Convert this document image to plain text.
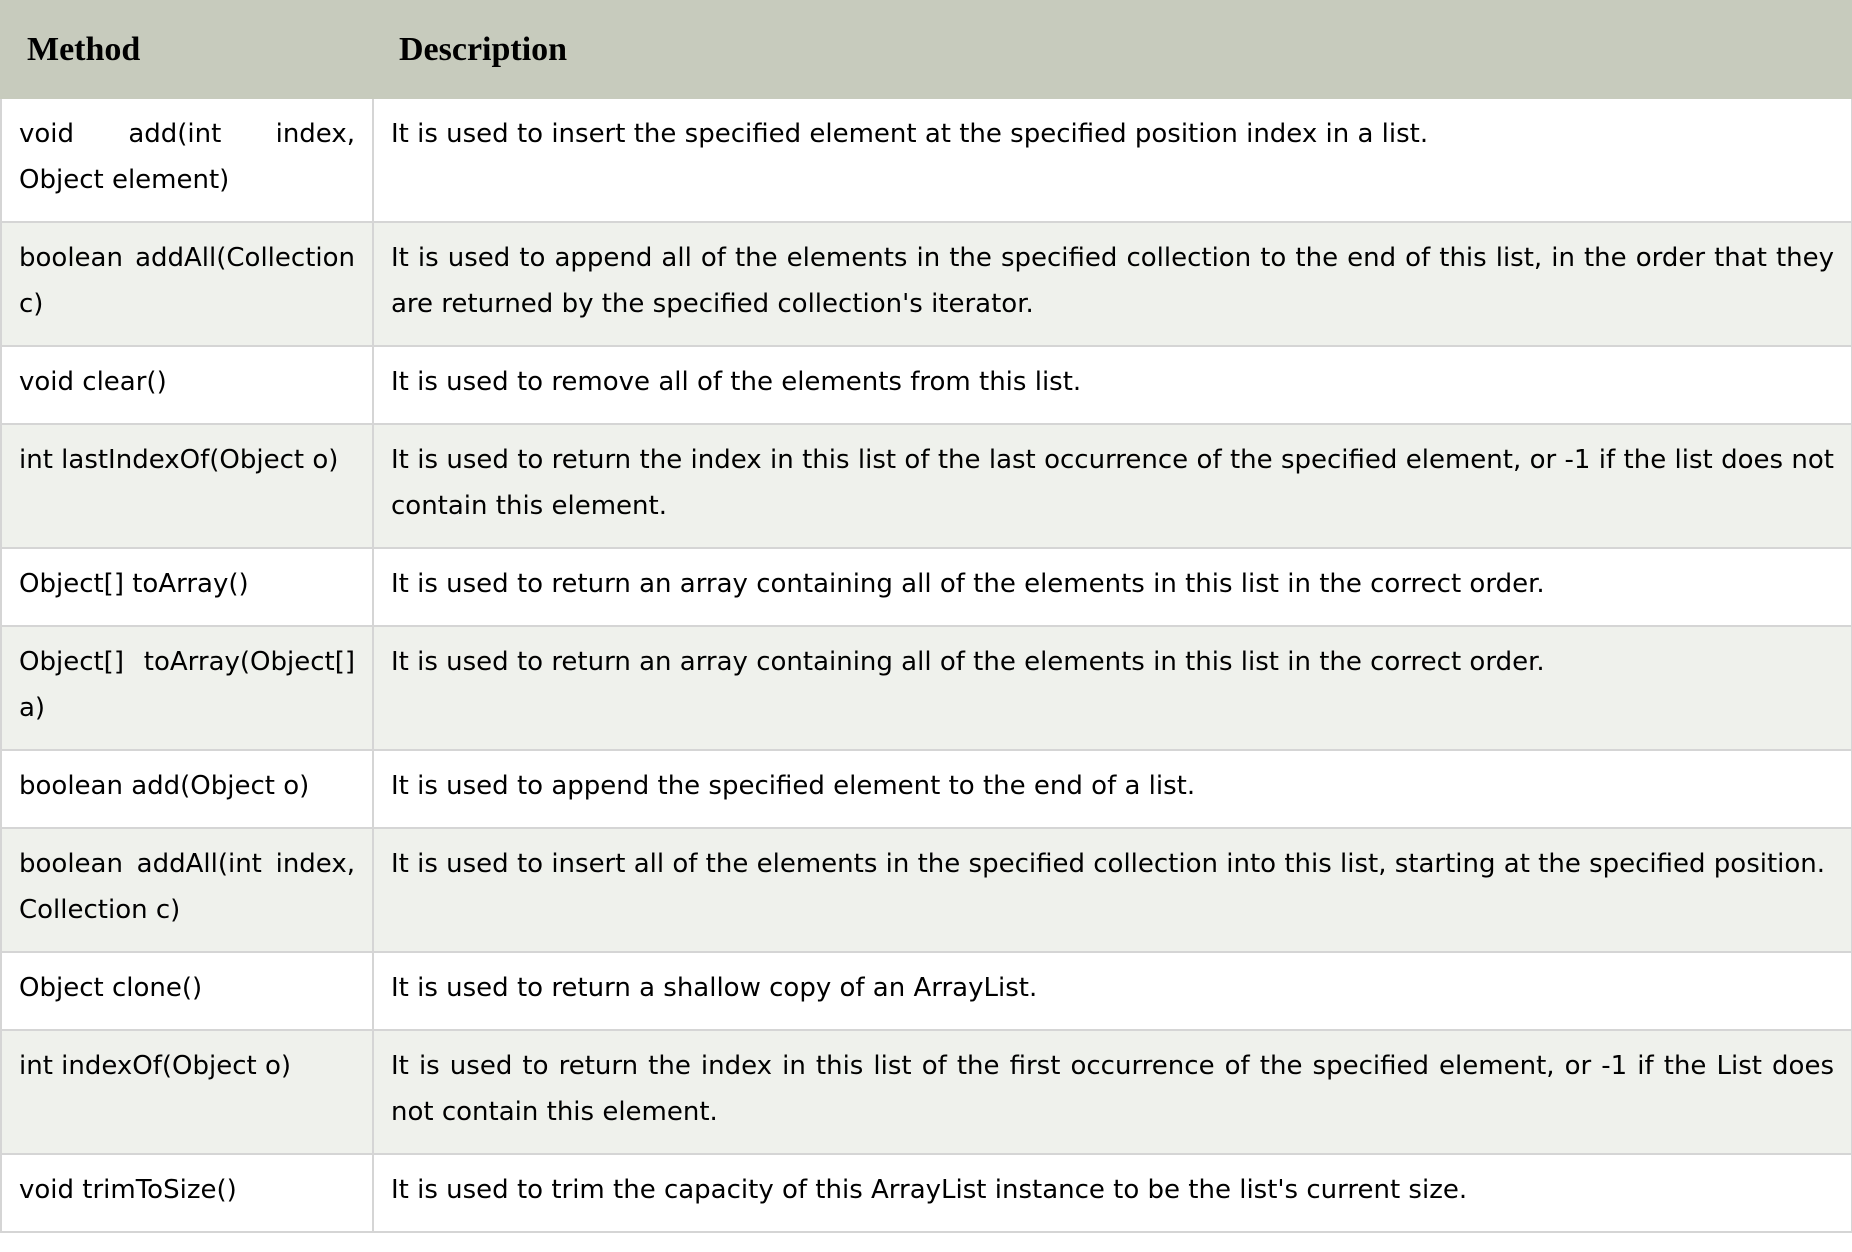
Method	Description
void add(int index, Object element)	It is used to insert the specified element at the specified position index in a list.
boolean addAll(Collection c)	It is used to append all of the elements in the specified collection to the end of this list, in the order that they are returned by the specified collection's iterator.
void clear()	It is used to remove all of the elements from this list.
int lastIndexOf(Object o)	It is used to return the index in this list of the last occurrence of the specified element, or -1 if the list does not contain this element.
Object[] toArray()	It is used to return an array containing all of the elements in this list in the correct order.
Object[] toArray(Object[] a)	It is used to return an array containing all of the elements in this list in the correct order.
boolean add(Object o)	It is used to append the specified element to the end of a list.
boolean addAll(int index, Collection c)	It is used to insert all of the elements in the specified collection into this list, starting at the specified position.
Object clone()	It is used to return a shallow copy of an ArrayList.
int indexOf(Object o)	It is used to return the index in this list of the first occurrence of the specified element, or -1 if the List does not contain this element.
void trimToSize()	It is used to trim the capacity of this ArrayList instance to be the list's current size.
